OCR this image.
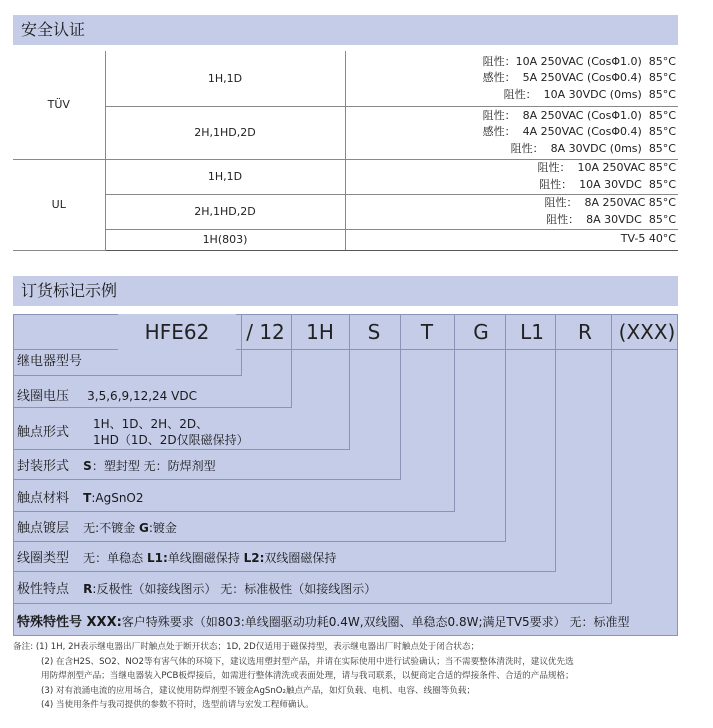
安全认证
TÜV	1H,1D	阻性：10A 250VAC (CosΦ1.0)  85°C
感性：  5A 250VAC (CosΦ0.4)  85°C
阻性：  10A 30VDC (0ms)  85°C

	2H,1HD,2D	阻性：  8A 250VAC (CosΦ1.0)  85°C
感性：  4A 250VAC (CosΦ0.4)  85°C
阻性：  8A 30VDC (0ms)  85°C

UL	1H,1D	阻性：  10A 250VAC 85°C
阻性：  10A 30VDC  85°C

	2H,1HD,2D	阻性：  8A 250VAC 85°C
阻性：  8A 30VDC  85°C

	1H(803)	TV-5 40°C
订货标记示例
HFE62	/ 12	1H	S	T	G	L1	R	(XXX)
继电器型号
线圈电压 3,5,6,9,12,24 VDC
触点形式
1H、1D、2H、2D、
1HD（1D、2D仅限磁保持）
封装形式 S：塑封型 无：防焊剂型
触点材料 T:AgSnO2
触点镀层 无:不镀金 G:镀金
线圈类型 无：单稳态 L1:单线圈磁保持 L2:双线圈磁保持
极性特点 R:反极性（如接线图示） 无：标准极性（如接线图示）
特殊特性号 XXX:客户特殊要求（如803:单线圈驱动功耗0.4W,双线圈、单稳态0.8W;满足TV5要求） 无：标准型
备注: (1) 1H, 2H表示继电器出厂时触点处于断开状态；1D, 2D仅适用于磁保持型，表示继电器出厂时触点处于闭合状态；
(2) 在含H2S、SO2、NO2等有害气体的环境下，建议选用塑封型产品，并请在实际使用中进行试验确认；当不需要整体清洗时，建议优先选
用防焊剂型产品；当继电器装入PCB板焊接后，如需进行整体清洗或表面处理，请与我司联系，以便商定合适的焊接条件、合适的产品规格；
(3) 对有浪涌电流的应用场合，建议使用防焊剂型不镀金AgSnO₂触点产品，如灯负载、电机、电容、线圈等负载；
(4) 当使用条件与我司提供的参数不符时，选型前请与宏发工程师确认。
